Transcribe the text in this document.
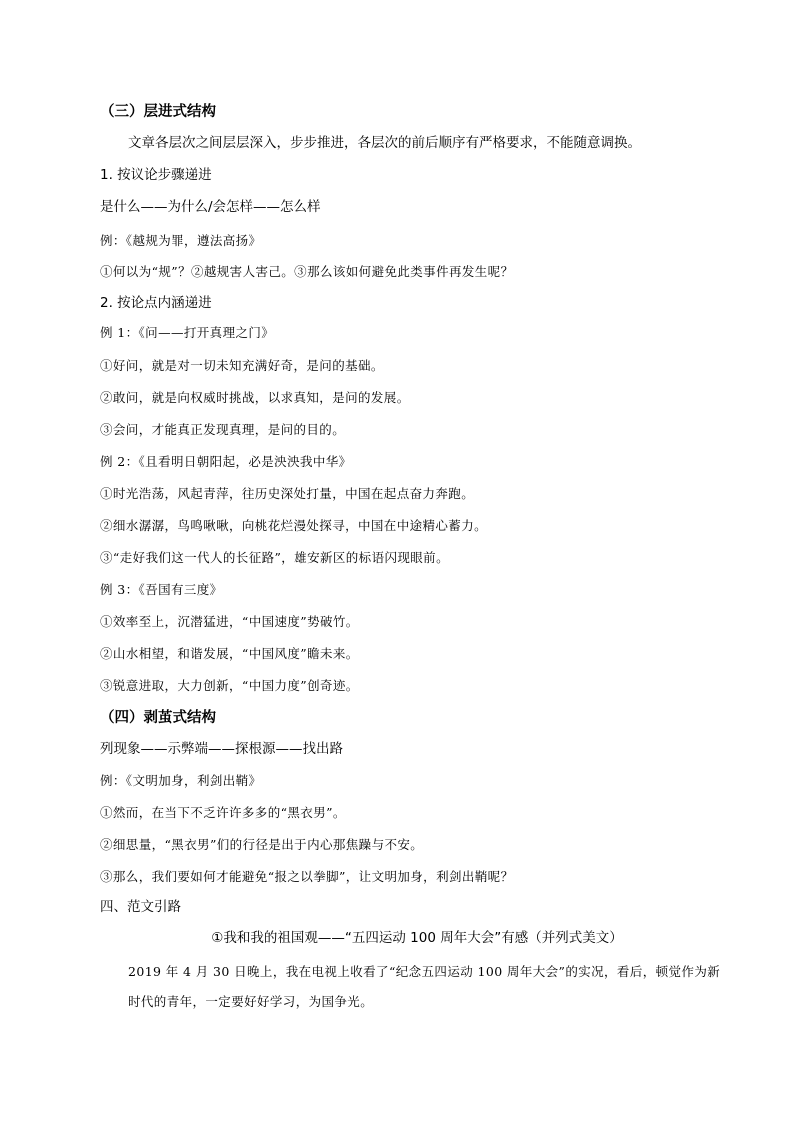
（三）层进式结构
文章各层次之间层层深入，步步推进，各层次的前后顺序有严格要求，不能随意调换。
1. 按议论步骤递进
是什么——为什么/会怎样——怎么样
例：《越规为罪，遵法高扬》
①何以为“规”？②越规害人害己。③那么该如何避免此类事件再发生呢？
2. 按论点内涵递进
例 1：《问——打开真理之门》
①好问，就是对一切未知充满好奇，是问的基础。
②敢问，就是向权威时挑战，以求真知，是问的发展。
③会问，才能真正发现真理，是问的目的。
例 2：《且看明日朝阳起，必是泱泱我中华》
①时光浩荡，风起青萍，往历史深处打量，中国在起点奋力奔跑。
②细水潺潺，鸟鸣啾啾，向桃花烂漫处探寻，中国在中途精心蓄力。
③“走好我们这一代人的长征路”，雄安新区的标语闪现眼前。
例 3：《吾国有三度》
①效率至上，沉潜猛进，“中国速度”势破竹。
②山水相望，和谐发展，“中国风度”瞻未来。
③锐意进取，大力创新，“中国力度”创奇迹。
（四）剥茧式结构
列现象——示弊端——探根源——找出路
例：《文明加身，利剑出鞘》
①然而，在当下不乏许许多多的“黑衣男”。
②细思量，“黑衣男”们的行径是出于内心那焦躁与不安。
③那么，我们要如何才能避免“报之以拳脚”，让文明加身，利剑出鞘呢？
四、范文引路
①我和我的祖国观——“五四运动 100 周年大会”有感（并列式美文）
2019 年 4 月 30 日晚上，我在电视上收看了“纪念五四运动 100 周年大会”的实况，看后，顿觉作为新时代的青年，一定要好好学习，为国争光。
